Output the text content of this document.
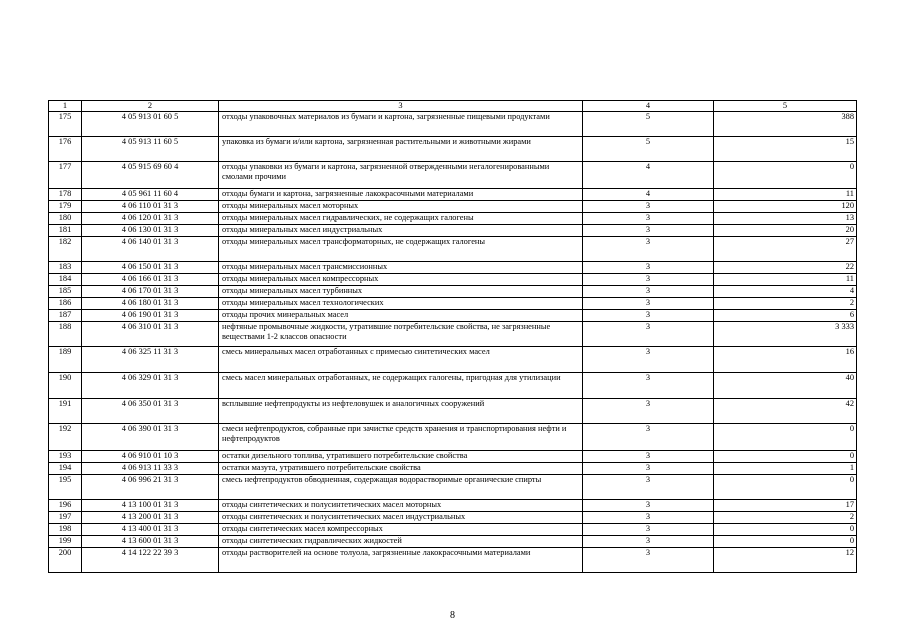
1	2	3	4	5
175	4 05 913 01 60 5	отходы упаковочных материалов из бумаги и картона, загрязненные пищевыми продуктами	5	388
176	4 05 913 11 60 5	упаковка из бумаги и/или картона, загрязненная растительными и животными жирами	5	15
177	4 05 915 69 60 4	отходы упаковки из бумаги и картона, загрязненной отвержденными негалогенированными смолами прочими	4	0
178	4 05 961 11 60 4	отходы бумаги и картона, загрязненные лакокрасочными материалами	4	11
179	4 06 110 01 31 3	отходы минеральных масел моторных	3	120
180	4 06 120 01 31 3	отходы минеральных масел гидравлических, не содержащих галогены	3	13
181	4 06 130 01 31 3	отходы минеральных масел индустриальных	3	20
182	4 06 140 01 31 3	отходы минеральных масел трансформаторных, не содержащих галогены	3	27
183	4 06 150 01 31 3	отходы минеральных масел трансмиссионных	3	22
184	4 06 166 01 31 3	отходы минеральных масел компрессорных	3	11
185	4 06 170 01 31 3	отходы минеральных масел турбинных	3	4
186	4 06 180 01 31 3	отходы минеральных масел технологических	3	2
187	4 06 190 01 31 3	отходы прочих минеральных масел	3	6
188	4 06 310 01 31 3	нефтяные промывочные жидкости, утратившие потребительские свойства, не загрязненные веществами 1-2 классов опасности	3	3 333
189	4 06 325 11 31 3	смесь минеральных масел отработанных с примесью синтетических масел	3	16
190	4 06 329 01 31 3	смесь масел минеральных отработанных, не содержащих галогены, пригодная для утилизации	3	40
191	4 06 350 01 31 3	всплывшие нефтепродукты из нефтеловушек и аналогичных сооружений	3	42
192	4 06 390 01 31 3	смеси нефтепродуктов, собранные при зачистке средств хранения и транспортирования нефти и нефтепродуктов	3	0
193	4 06 910 01 10 3	остатки дизельного топлива, утратившего потребительские свойства	3	0
194	4 06 913 11 33 3	остатки мазута, утратившего потребительские свойства	3	1
195	4 06 996 21 31 3	смесь нефтепродуктов обводненная, содержащая водорастворимые органические спирты	3	0
196	4 13 100 01 31 3	отходы синтетических и полусинтетических масел моторных	3	17
197	4 13 200 01 31 3	отходы синтетических и полусинтетических масел индустриальных	3	2
198	4 13 400 01 31 3	отходы синтетических масел компрессорных	3	0
199	4 13 600 01 31 3	отходы синтетических гидравлических жидкостей	3	0
200	4 14 122 22 39 3	отходы растворителей на основе толуола, загрязненные лакокрасочными материалами	3	12
8
